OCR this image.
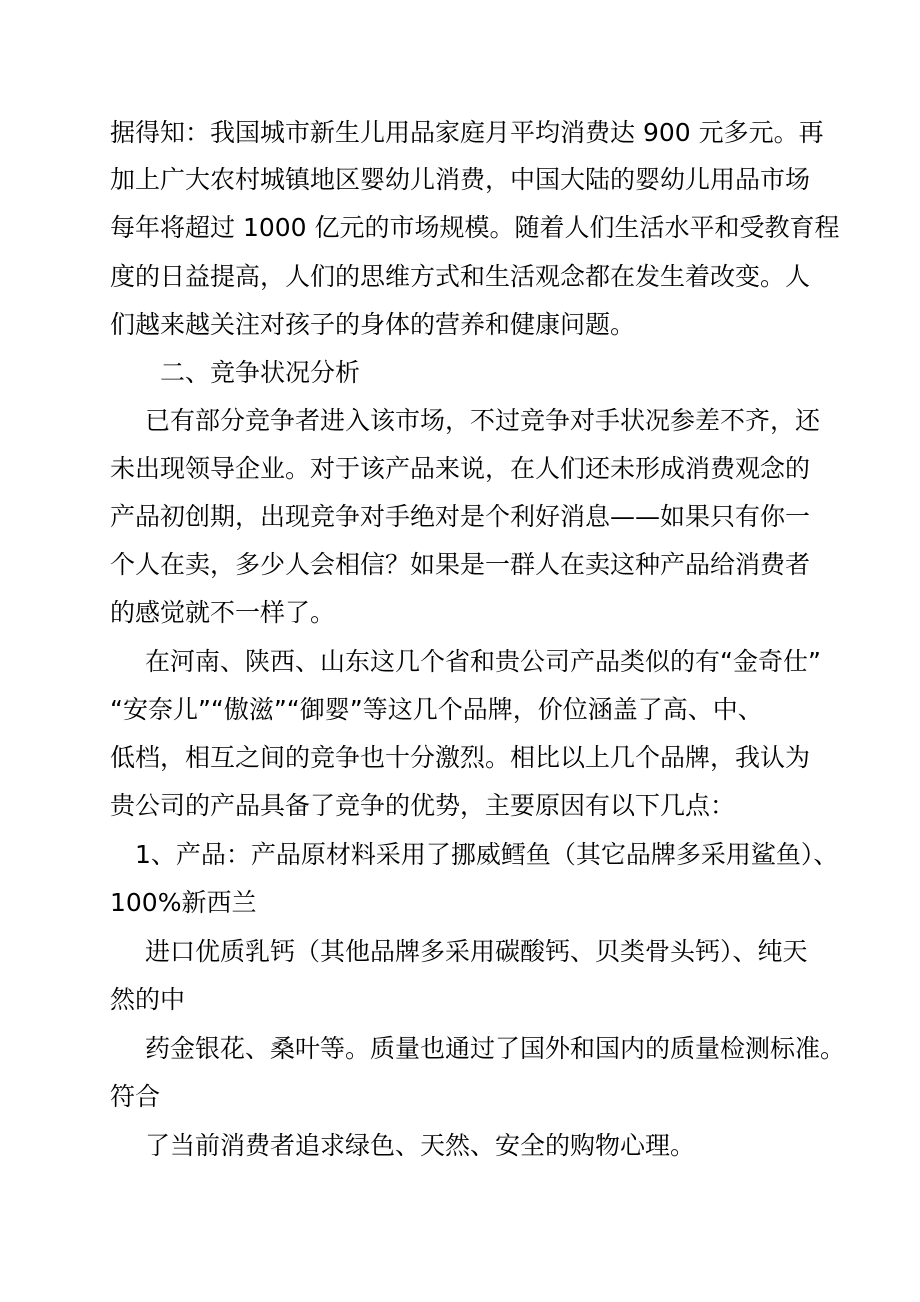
据得知：我国城市新生儿用品家庭月平均消费达 900 元多元。再
加上广大农村城镇地区婴幼儿消费，中国大陆的婴幼儿用品市场
每年将超过 1000 亿元的市场规模。随着人们生活水平和受教育程
度的日益提高，人们的思维方式和生活观念都在发生着改变。人
们越来越关注对孩子的身体的营养和健康问题。
二、竞争状况分析
已有部分竞争者进入该市场，不过竞争对手状况参差不齐，还
未出现领导企业。对于该产品来说，在人们还未形成消费观念的
产品初创期，出现竞争对手绝对是个利好消息——如果只有你一
个人在卖，多少人会相信？如果是一群人在卖这种产品给消费者
的感觉就不一样了。
在河南、陕西、山东这几个省和贵公司产品类似的有“金奇仕”
“安奈儿”“傲滋”“御婴”等这几个品牌，价位涵盖了高、中、
低档，相互之间的竞争也十分激烈。相比以上几个品牌，我认为
贵公司的产品具备了竞争的优势，主要原因有以下几点：
1、产品：产品原材料采用了挪威鳕鱼（其它品牌多采用鲨鱼）、
100%新西兰
进口优质乳钙（其他品牌多采用碳酸钙、贝类骨头钙）、纯天
然的中
药金银花、桑叶等。质量也通过了国外和国内的质量检测标准。
符合
了当前消费者追求绿色、天然、安全的购物心理。
